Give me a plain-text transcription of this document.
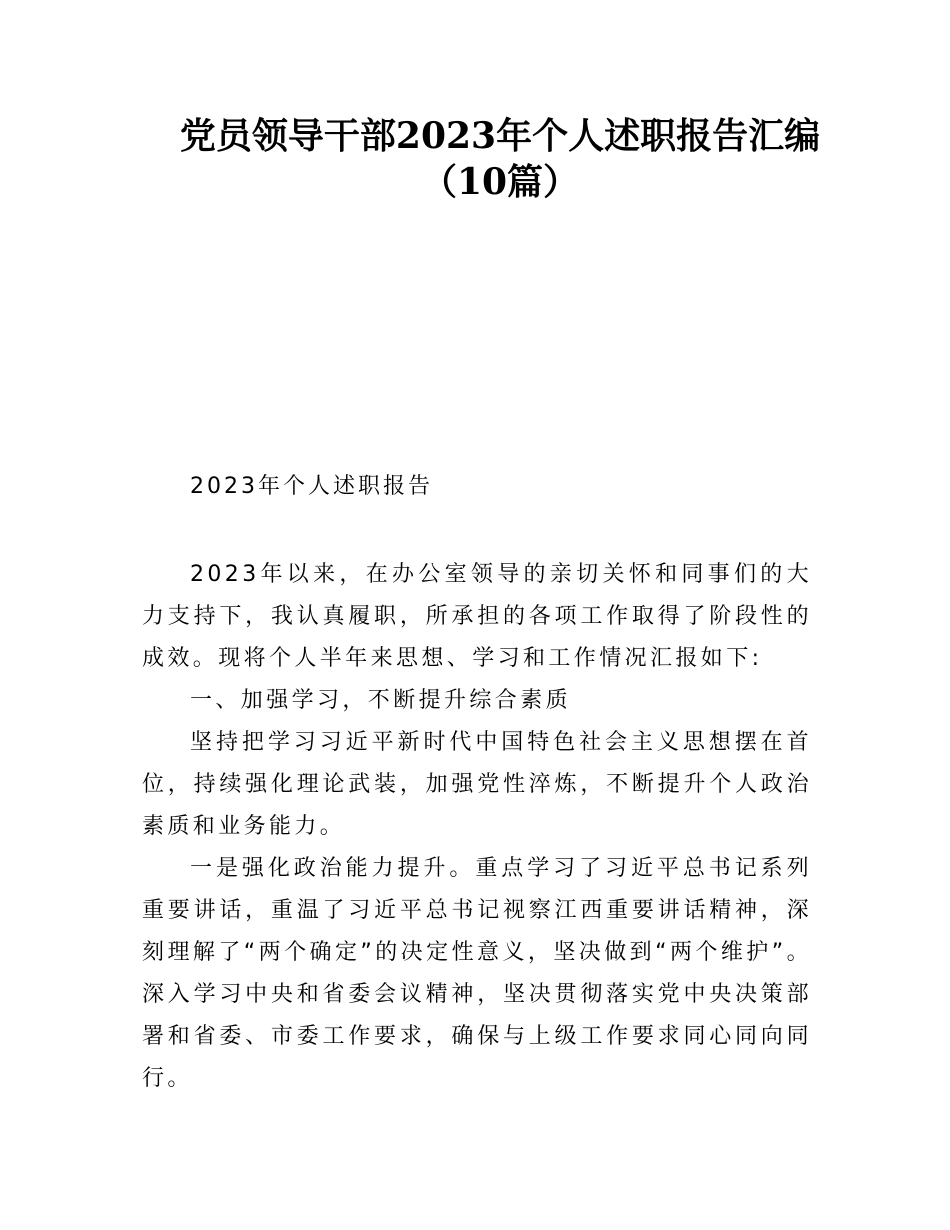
党员领导干部2023年个人述职报告汇编
（10篇）

2023年个人述职报告

2023年以来，在办公室领导的亲切关怀和同事们的大力支持下，我认真履职，所承担的各项工作取得了阶段性的成效。现将个人半年来思想、学习和工作情况汇报如下:

一、加强学习，不断提升综合素质

坚持把学习习近平新时代中国特色社会主义思想摆在首位，持续强化理论武装，加强党性淬炼，不断提升个人政治素质和业务能力。

一是强化政治能力提升。重点学习了习近平总书记系列重要讲话，重温了习近平总书记视察江西重要讲话精神，深刻理解了“两个确定”的决定性意义，坚决做到“两个维护”。深入学习中央和省委会议精神，坚决贯彻落实党中央决策部署和省委、市委工作要求，确保与上级工作要求同心同向同行。
